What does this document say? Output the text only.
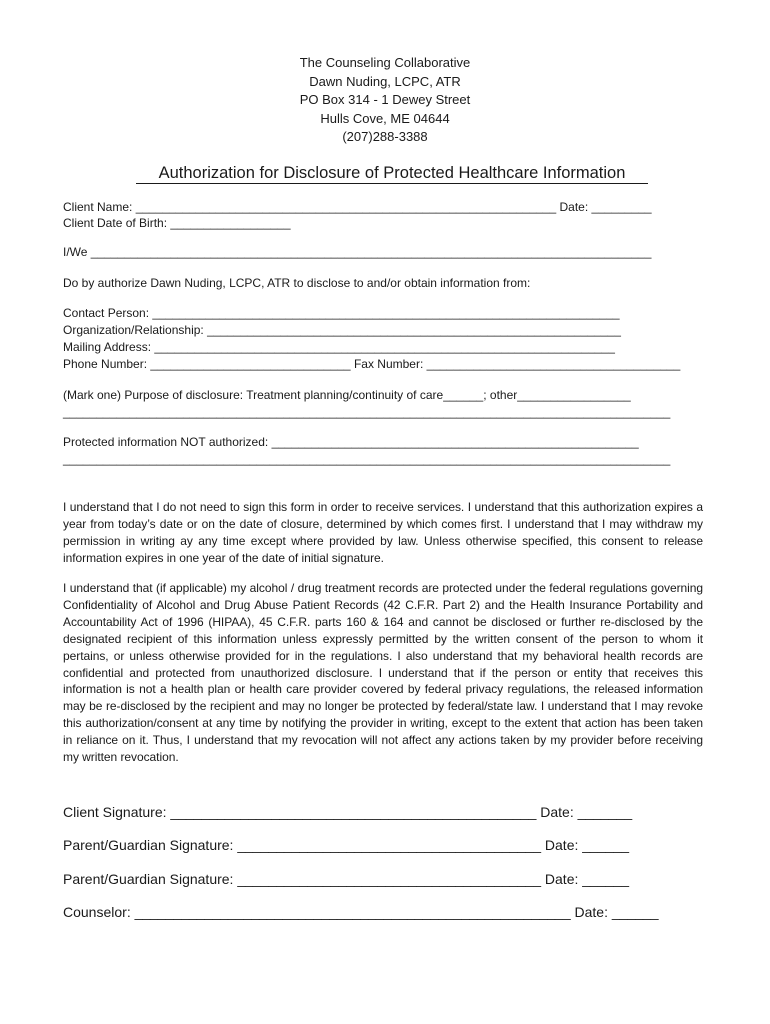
The Counseling Collaborative
Dawn Nuding, LCPC, ATR
PO Box 314 - 1 Dewey Street
Hulls Cove, ME 04644
(207)288-3388
Authorization for Disclosure of Protected Healthcare Information
Client Name: _______________________________________________________________ Date: _________
Client Date of Birth: __________________
I/We ____________________________________________________________________________________
Do by authorize Dawn Nuding, LCPC, ATR to disclose to and/or obtain information from:
Contact Person: ______________________________________________________________________
Organization/Relationship: ______________________________________________________________
Mailing Address: _____________________________________________________________________
Phone Number: ______________________________ Fax Number: ______________________________________
(Mark one) Purpose of disclosure: Treatment planning/continuity of care______; other_________________
___________________________________________________________________________________________
Protected information NOT authorized: _______________________________________________________
___________________________________________________________________________________________
I understand that I do not need to sign this form in order to receive services. I understand that this authorization expires a year from today’s date or on the date of closure, determined by which comes first. I understand that I may withdraw my permission in writing ay any time except where provided by law. Unless otherwise specified, this consent to release information expires in one year of the date of initial signature.
I understand that (if applicable) my alcohol / drug treatment records are protected under the federal regulations governing Confidentiality of Alcohol and Drug Abuse Patient Records (42 C.F.R. Part 2) and the Health Insurance Portability and Accountability Act of 1996 (HIPAA), 45 C.F.R. parts 160 & 164 and cannot be disclosed or further re-disclosed by the designated recipient of this information unless expressly permitted by the written consent of the person to whom it pertains, or unless otherwise provided for in the regulations. I also understand that my behavioral health records are confidential and protected from unauthorized disclosure. I understand that if the person or entity that receives this information is not a health plan or health care provider covered by federal privacy regulations, the released information may be re-disclosed by the recipient and may no longer be protected by federal/state law. I understand that I may revoke this authorization/consent at any time by notifying the provider in writing, except to the extent that action has been taken in reliance on it. Thus, I understand that my revocation will not affect any actions taken by my provider before receiving my written revocation.
Client Signature: _______________________________________________ Date: _______
Parent/Guardian Signature: _______________________________________ Date: ______
Parent/Guardian Signature: _______________________________________ Date: ______
Counselor: ________________________________________________________ Date: ______
